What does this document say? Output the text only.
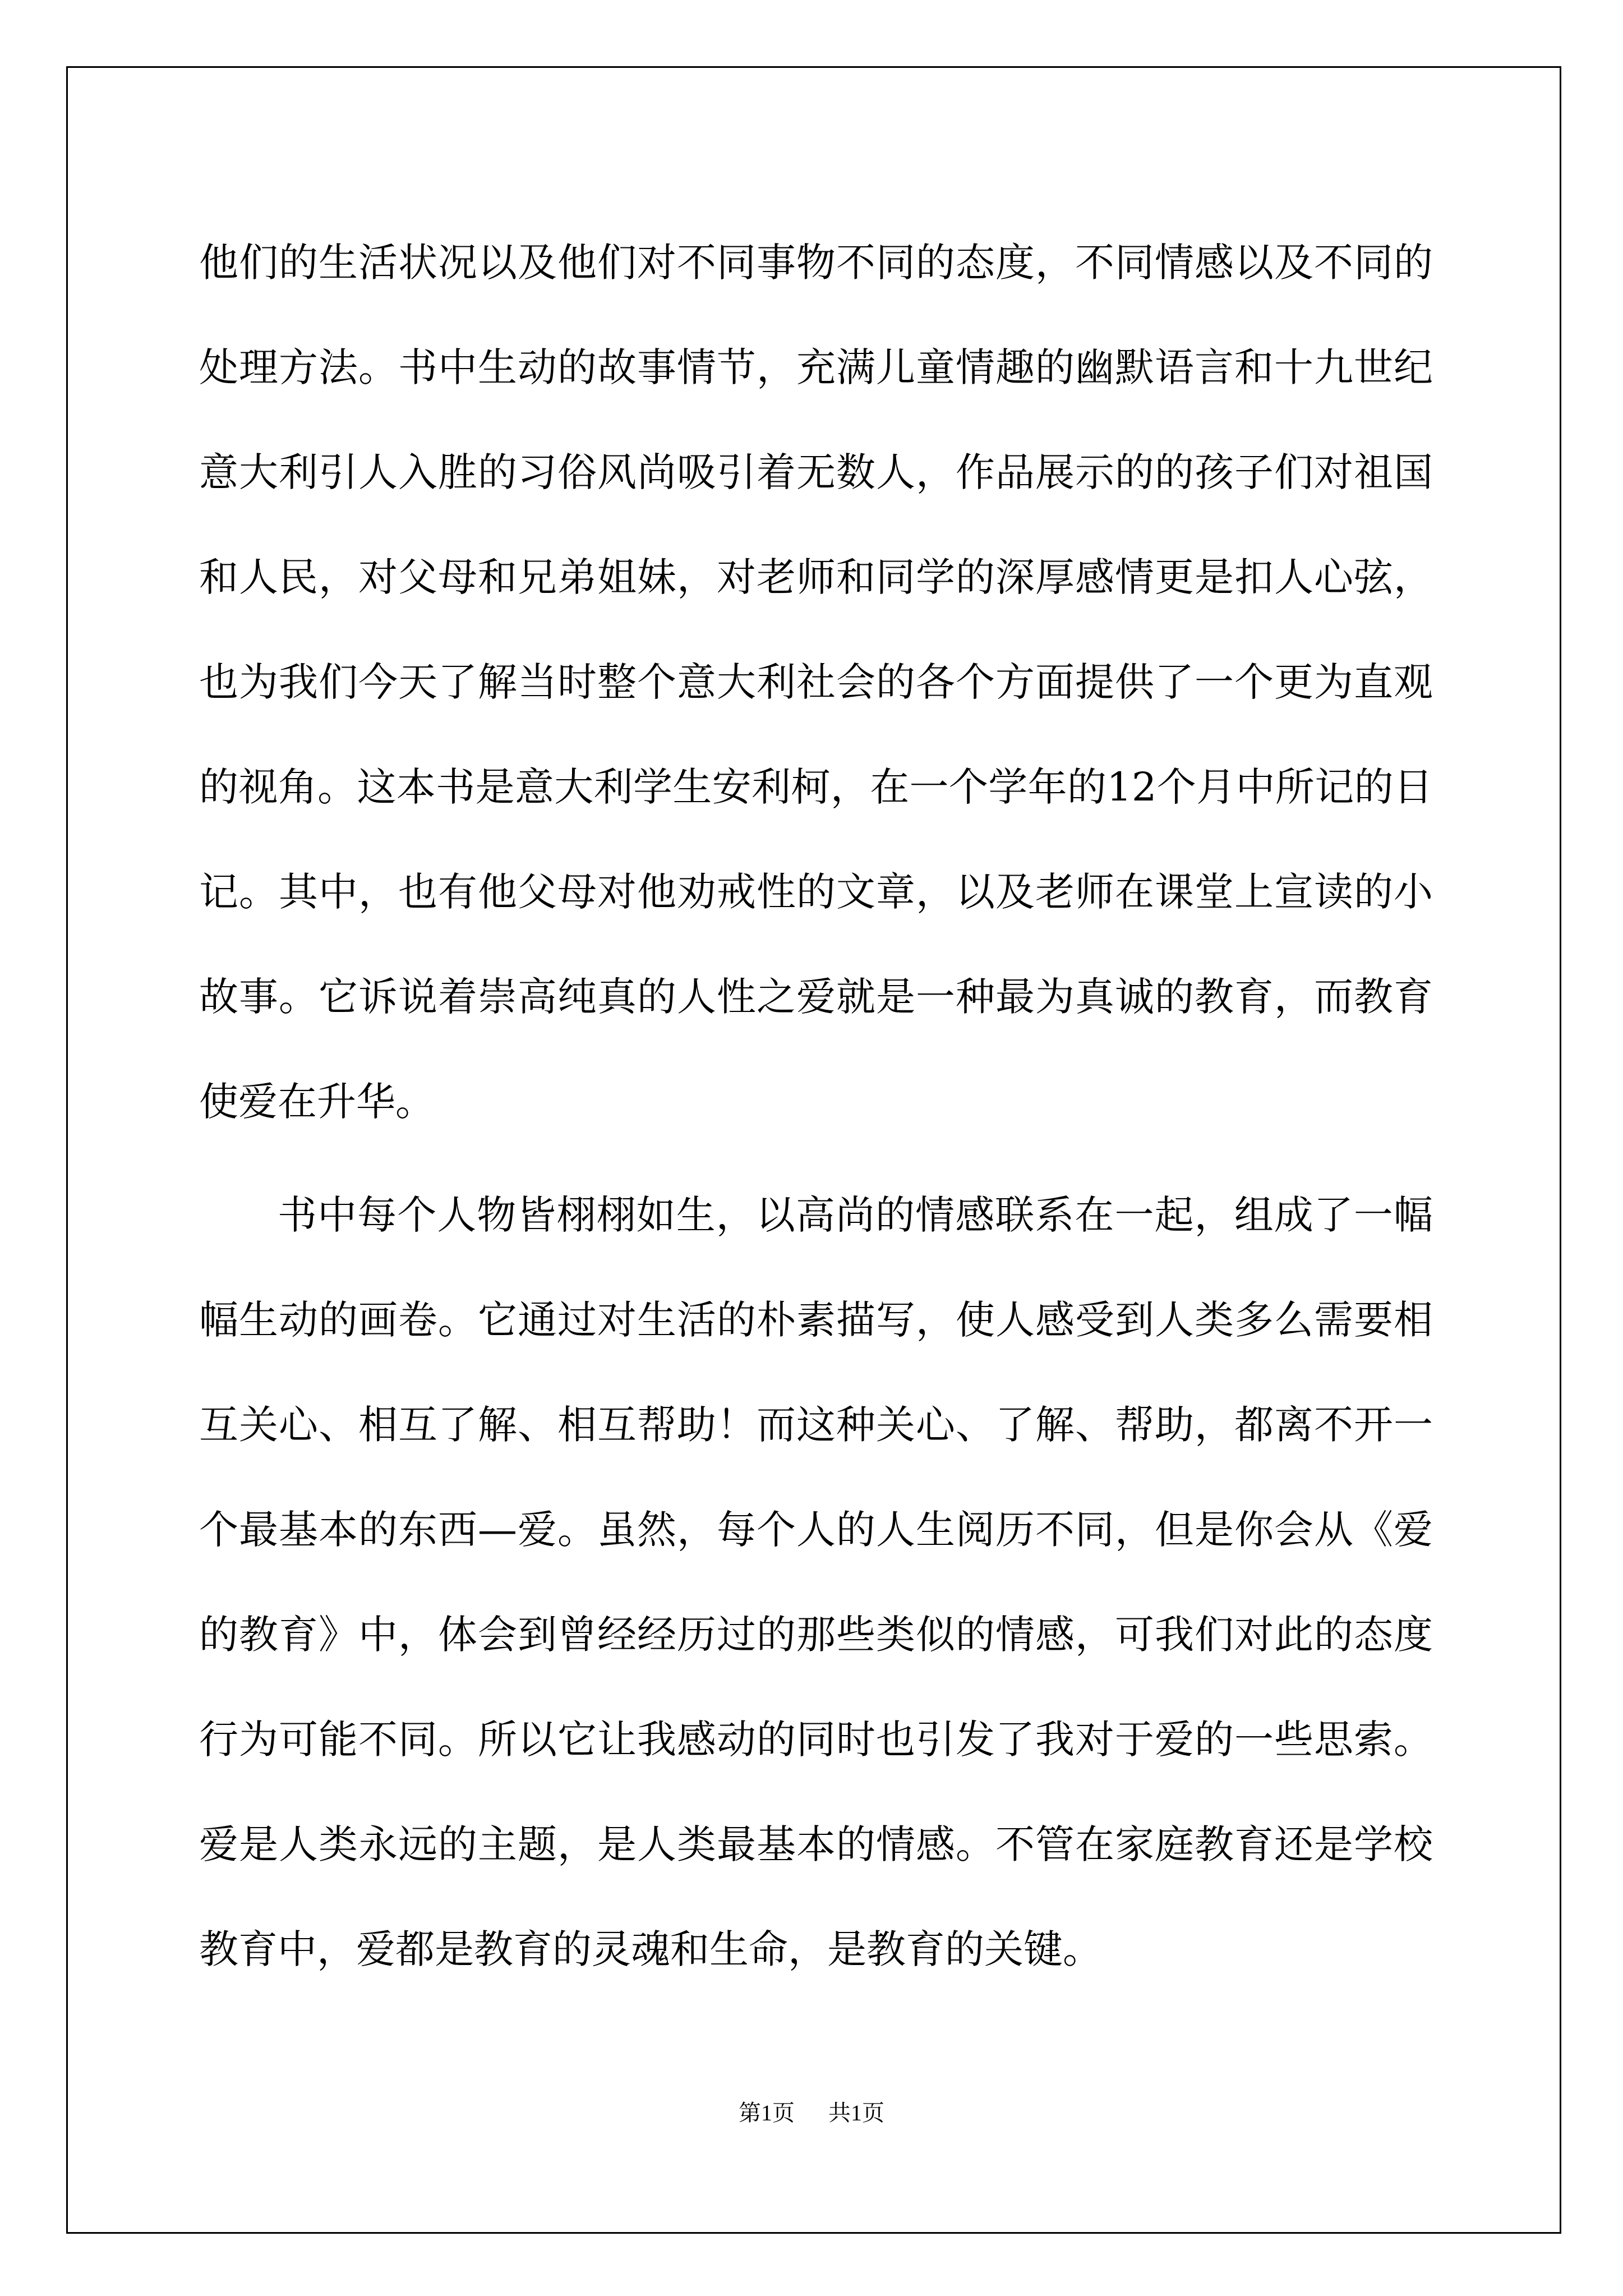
他们的生活状况以及他们对不同事物不同的态度，不同情感以及不同的处理方法。书中生动的故事情节，充满儿童情趣的幽默语言和十九世纪意大利引人入胜的习俗风尚吸引着无数人，作品展示的的孩子们对祖国和人民，对父母和兄弟姐妹，对老师和同学的深厚感情更是扣人心弦，也为我们今天了解当时整个意大利社会的各个方面提供了一个更为直观的视角。这本书是意大利学生安利柯，在一个学年的12个月中所记的日记。其中，也有他父母对他劝戒性的文章，以及老师在课堂上宣读的小故事。它诉说着崇高纯真的人性之爱就是一种最为真诚的教育，而教育使爱在升华。

书中每个人物皆栩栩如生，以高尚的情感联系在一起，组成了一幅幅生动的画卷。它通过对生活的朴素描写，使人感受到人类多么需要相互关心、相互了解、相互帮助！而这种关心、了解、帮助，都离不开一个最基本的东西—爱。虽然，每个人的人生阅历不同，但是你会从《爱的教育》中，体会到曾经经历过的那些类似的情感，可我们对此的态度行为可能不同。所以它让我感动的同时也引发了我对于爱的一些思索。爱是人类永远的主题，是人类最基本的情感。不管在家庭教育还是学校教育中，爱都是教育的灵魂和生命，是教育的关键。

第1页 共1页
